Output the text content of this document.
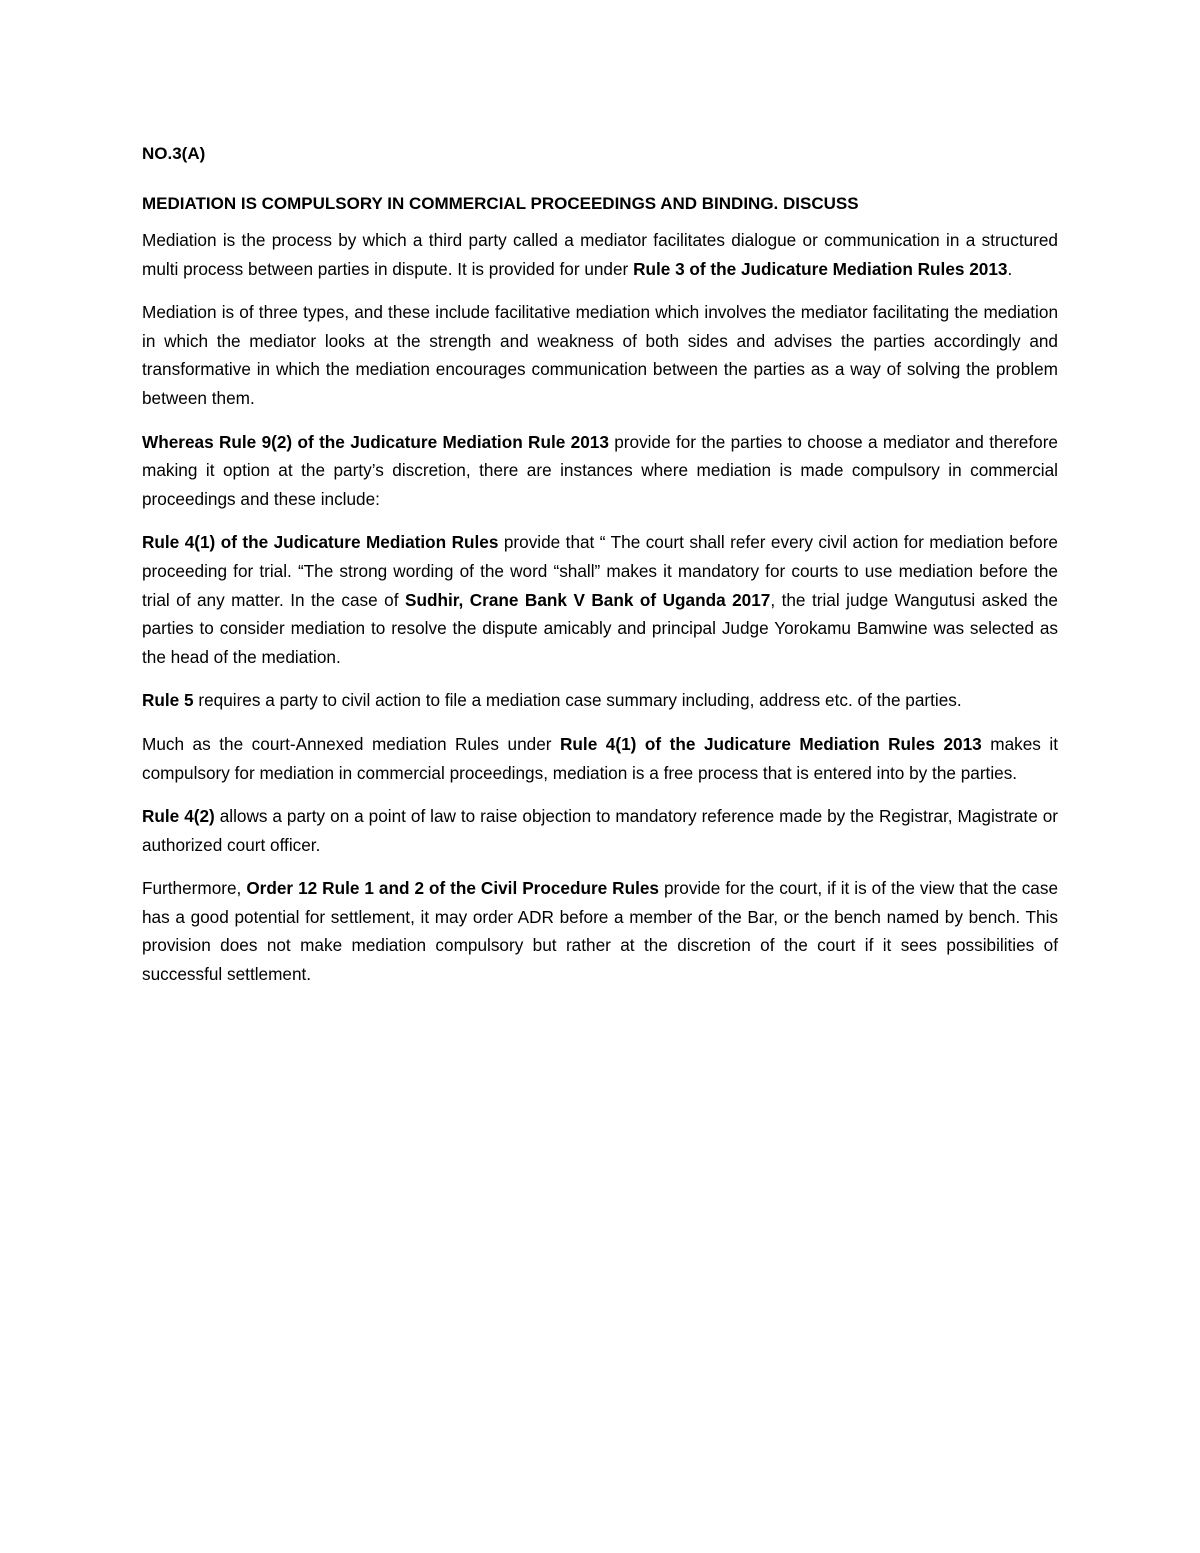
NO.3(A)
MEDIATION IS COMPULSORY IN COMMERCIAL PROCEEDINGS AND BINDING. DISCUSS

Mediation is the process by which a third party called a mediator facilitates dialogue or communication in a structured multi process between parties in dispute. It is provided for under Rule 3 of the Judicature Mediation Rules 2013.

Mediation is of three types, and these include facilitative mediation which involves the mediator facilitating the mediation in which the mediator looks at the strength and weakness of both sides and advises the parties accordingly and transformative in which the mediation encourages communication between the parties as a way of solving the problem between them.

Whereas Rule 9(2) of the Judicature Mediation Rule 2013 provide for the parties to choose a mediator and therefore making it option at the party’s discretion, there are instances where mediation is made compulsory in commercial proceedings and these include:

Rule 4(1) of the Judicature Mediation Rules provide that “ The court shall refer every civil action for mediation before proceeding for trial. “The strong wording of the word “shall” makes it mandatory for courts to use mediation before the trial of any matter. In the case of Sudhir, Crane Bank V Bank of Uganda 2017, the trial judge Wangutusi asked the parties to consider mediation to resolve the dispute amicably and principal Judge Yorokamu Bamwine was selected as the head of the mediation.

Rule 5 requires a party to civil action to file a mediation case summary including, address etc. of the parties.

Much as the court-Annexed mediation Rules under Rule 4(1) of the Judicature Mediation Rules 2013 makes it compulsory for mediation in commercial proceedings, mediation is a free process that is entered into by the parties.

Rule 4(2) allows a party on a point of law to raise objection to mandatory reference made by the Registrar, Magistrate or authorized court officer.

Furthermore, Order 12 Rule 1 and 2 of the Civil Procedure Rules provide for the court, if it is of the view that the case has a good potential for settlement, it may order ADR before a member of the Bar, or the bench named by bench. This provision does not make mediation compulsory but rather at the discretion of the court if it sees possibilities of successful settlement.
